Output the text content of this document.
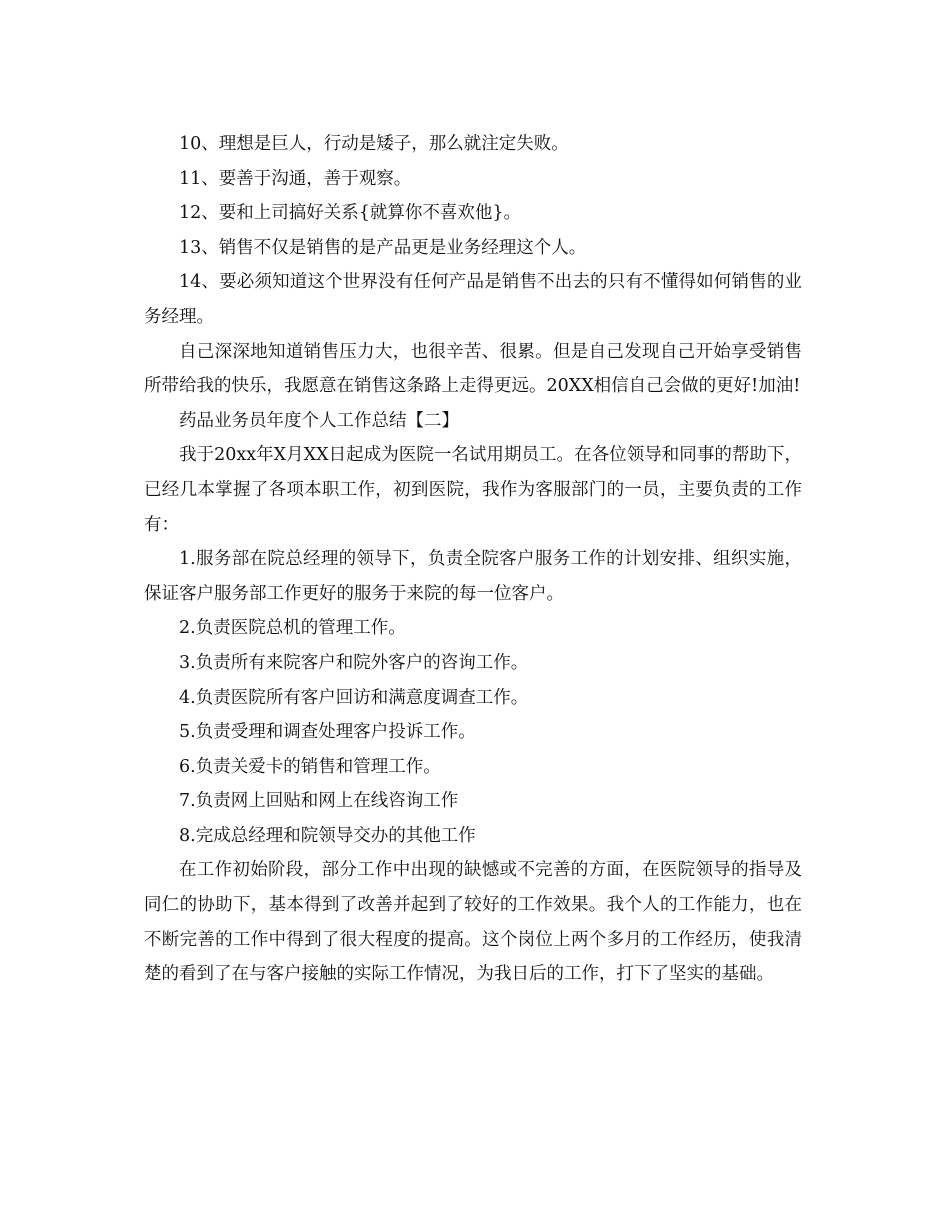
10、理想是巨人，行动是矮子，那么就注定失败。

11、要善于沟通，善于观察。

12、要和上司搞好关系{就算你不喜欢他}。

13、销售不仅是销售的是产品更是业务经理这个人。

14、要必须知道这个世界没有任何产品是销售不出去的只有不懂得如何销售的业务经理。

自己深深地知道销售压力大，也很辛苦、很累。但是自己发现自己开始享受销售所带给我的快乐，我愿意在销售这条路上走得更远。20XX相信自己会做的更好!加油!

药品业务员年度个人工作总结【二】

我于20xx年X月XX日起成为医院一名试用期员工。在各位领导和同事的帮助下，已经几本掌握了各项本职工作，初到医院，我作为客服部门的一员，主要负责的工作有：

1.服务部在院总经理的领导下，负责全院客户服务工作的计划安排、组织实施，保证客户服务部工作更好的服务于来院的每一位客户。

2.负责医院总机的管理工作。

3.负责所有来院客户和院外客户的咨询工作。

4.负责医院所有客户回访和满意度调查工作。

5.负责受理和调查处理客户投诉工作。

6.负责关爱卡的销售和管理工作。

7.负责网上回贴和网上在线咨询工作

8.完成总经理和院领导交办的其他工作

在工作初始阶段，部分工作中出现的缺憾或不完善的方面，在医院领导的指导及同仁的协助下，基本得到了改善并起到了较好的工作效果。我个人的工作能力，也在不断完善的工作中得到了很大程度的提高。这个岗位上两个多月的工作经历，使我清楚的看到了在与客户接触的实际工作情况，为我日后的工作，打下了坚实的基础。
